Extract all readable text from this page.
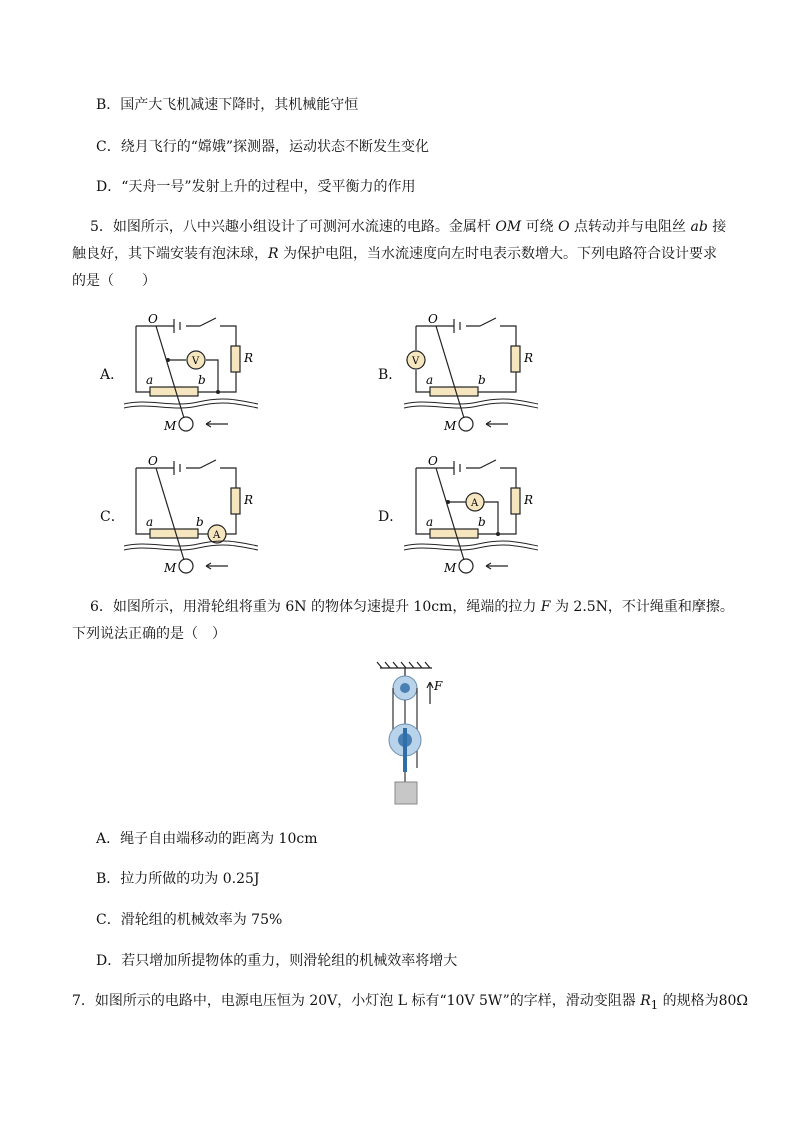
B．国产大飞机减速下降时，其机械能守恒
C．绕月飞行的“嫦娥”探测器，运动状态不断发生变化
D．“天舟一号”发射上升的过程中，受平衡力的作用
5．如图所示，八中兴趣小组设计了可测河水流速的电路。金属杆 OM 可绕 O 点转动并与电阻丝 ab 接
触良好，其下端安装有泡沫球，R 为保护电阻，当水流速度向左时电表示数增大。下列电路符合设计要求
的是（　　）
A．	B．
C．	D．
O
R
a	b
M
V
O
R
a	b
M
V
O
R
a	b
M
A
O
R
a	b
M
A
6．如图所示，用滑轮组将重为 6N 的物体匀速提升 10cm，绳端的拉力 F 为 2.5N，不计绳重和摩擦。
下列说法正确的是（　）
F
A．绳子自由端移动的距离为 10cm
B．拉力所做的功为 0.25J
C．滑轮组的机械效率为 75%
D．若只增加所提物体的重力，则滑轮组的机械效率将增大
7．如图所示的电路中，电源电压恒为 20V，小灯泡 L 标有“10V 5W”的字样，滑动变阻器 $R_1$ 的规格为80Ω
